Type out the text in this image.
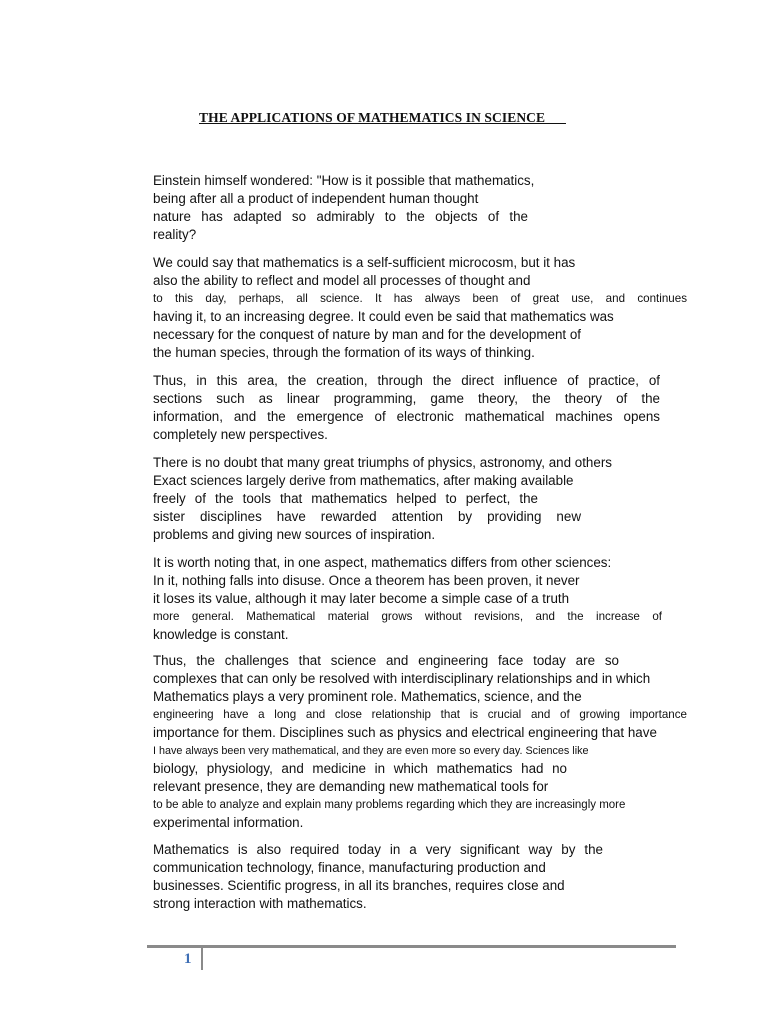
THE APPLICATIONS OF MATHEMATICS IN SCIENCE
Einstein himself wondered: "How is it possible that mathematics,
being after all a product of independent human thought
nature has adapted so admirably to the objects of the
reality?
We could say that mathematics is a self-sufficient microcosm, but it has
also the ability to reflect and model all processes of thought and
to this day, perhaps, all science. It has always been of great use, and continues
having it, to an increasing degree. It could even be said that mathematics was
necessary for the conquest of nature by man and for the development of
the human species, through the formation of its ways of thinking.
Thus, in this area, the creation, through the direct influence of practice, of
sections such as linear programming, game theory, the theory of the
information, and the emergence of electronic mathematical machines opens
completely new perspectives.
There is no doubt that many great triumphs of physics, astronomy, and others
Exact sciences largely derive from mathematics, after making available
freely of the tools that mathematics helped to perfect, the
sister disciplines have rewarded attention by providing new
problems and giving new sources of inspiration.
It is worth noting that, in one aspect, mathematics differs from other sciences:
In it, nothing falls into disuse. Once a theorem has been proven, it never
it loses its value, although it may later become a simple case of a truth
more general. Mathematical material grows without revisions, and the increase of
knowledge is constant.
Thus, the challenges that science and engineering face today are so
complexes that can only be resolved with interdisciplinary relationships and in which
Mathematics plays a very prominent role. Mathematics, science, and the
engineering have a long and close relationship that is crucial and of growing importance
importance for them. Disciplines such as physics and electrical engineering that have
I have always been very mathematical, and they are even more so every day. Sciences like
biology, physiology, and medicine in which mathematics had no
relevant presence, they are demanding new mathematical tools for
to be able to analyze and explain many problems regarding which they are increasingly more
experimental information.
Mathematics is also required today in a very significant way by the
communication technology, finance, manufacturing production and
businesses. Scientific progress, in all its branches, requires close and
strong interaction with mathematics.
1
